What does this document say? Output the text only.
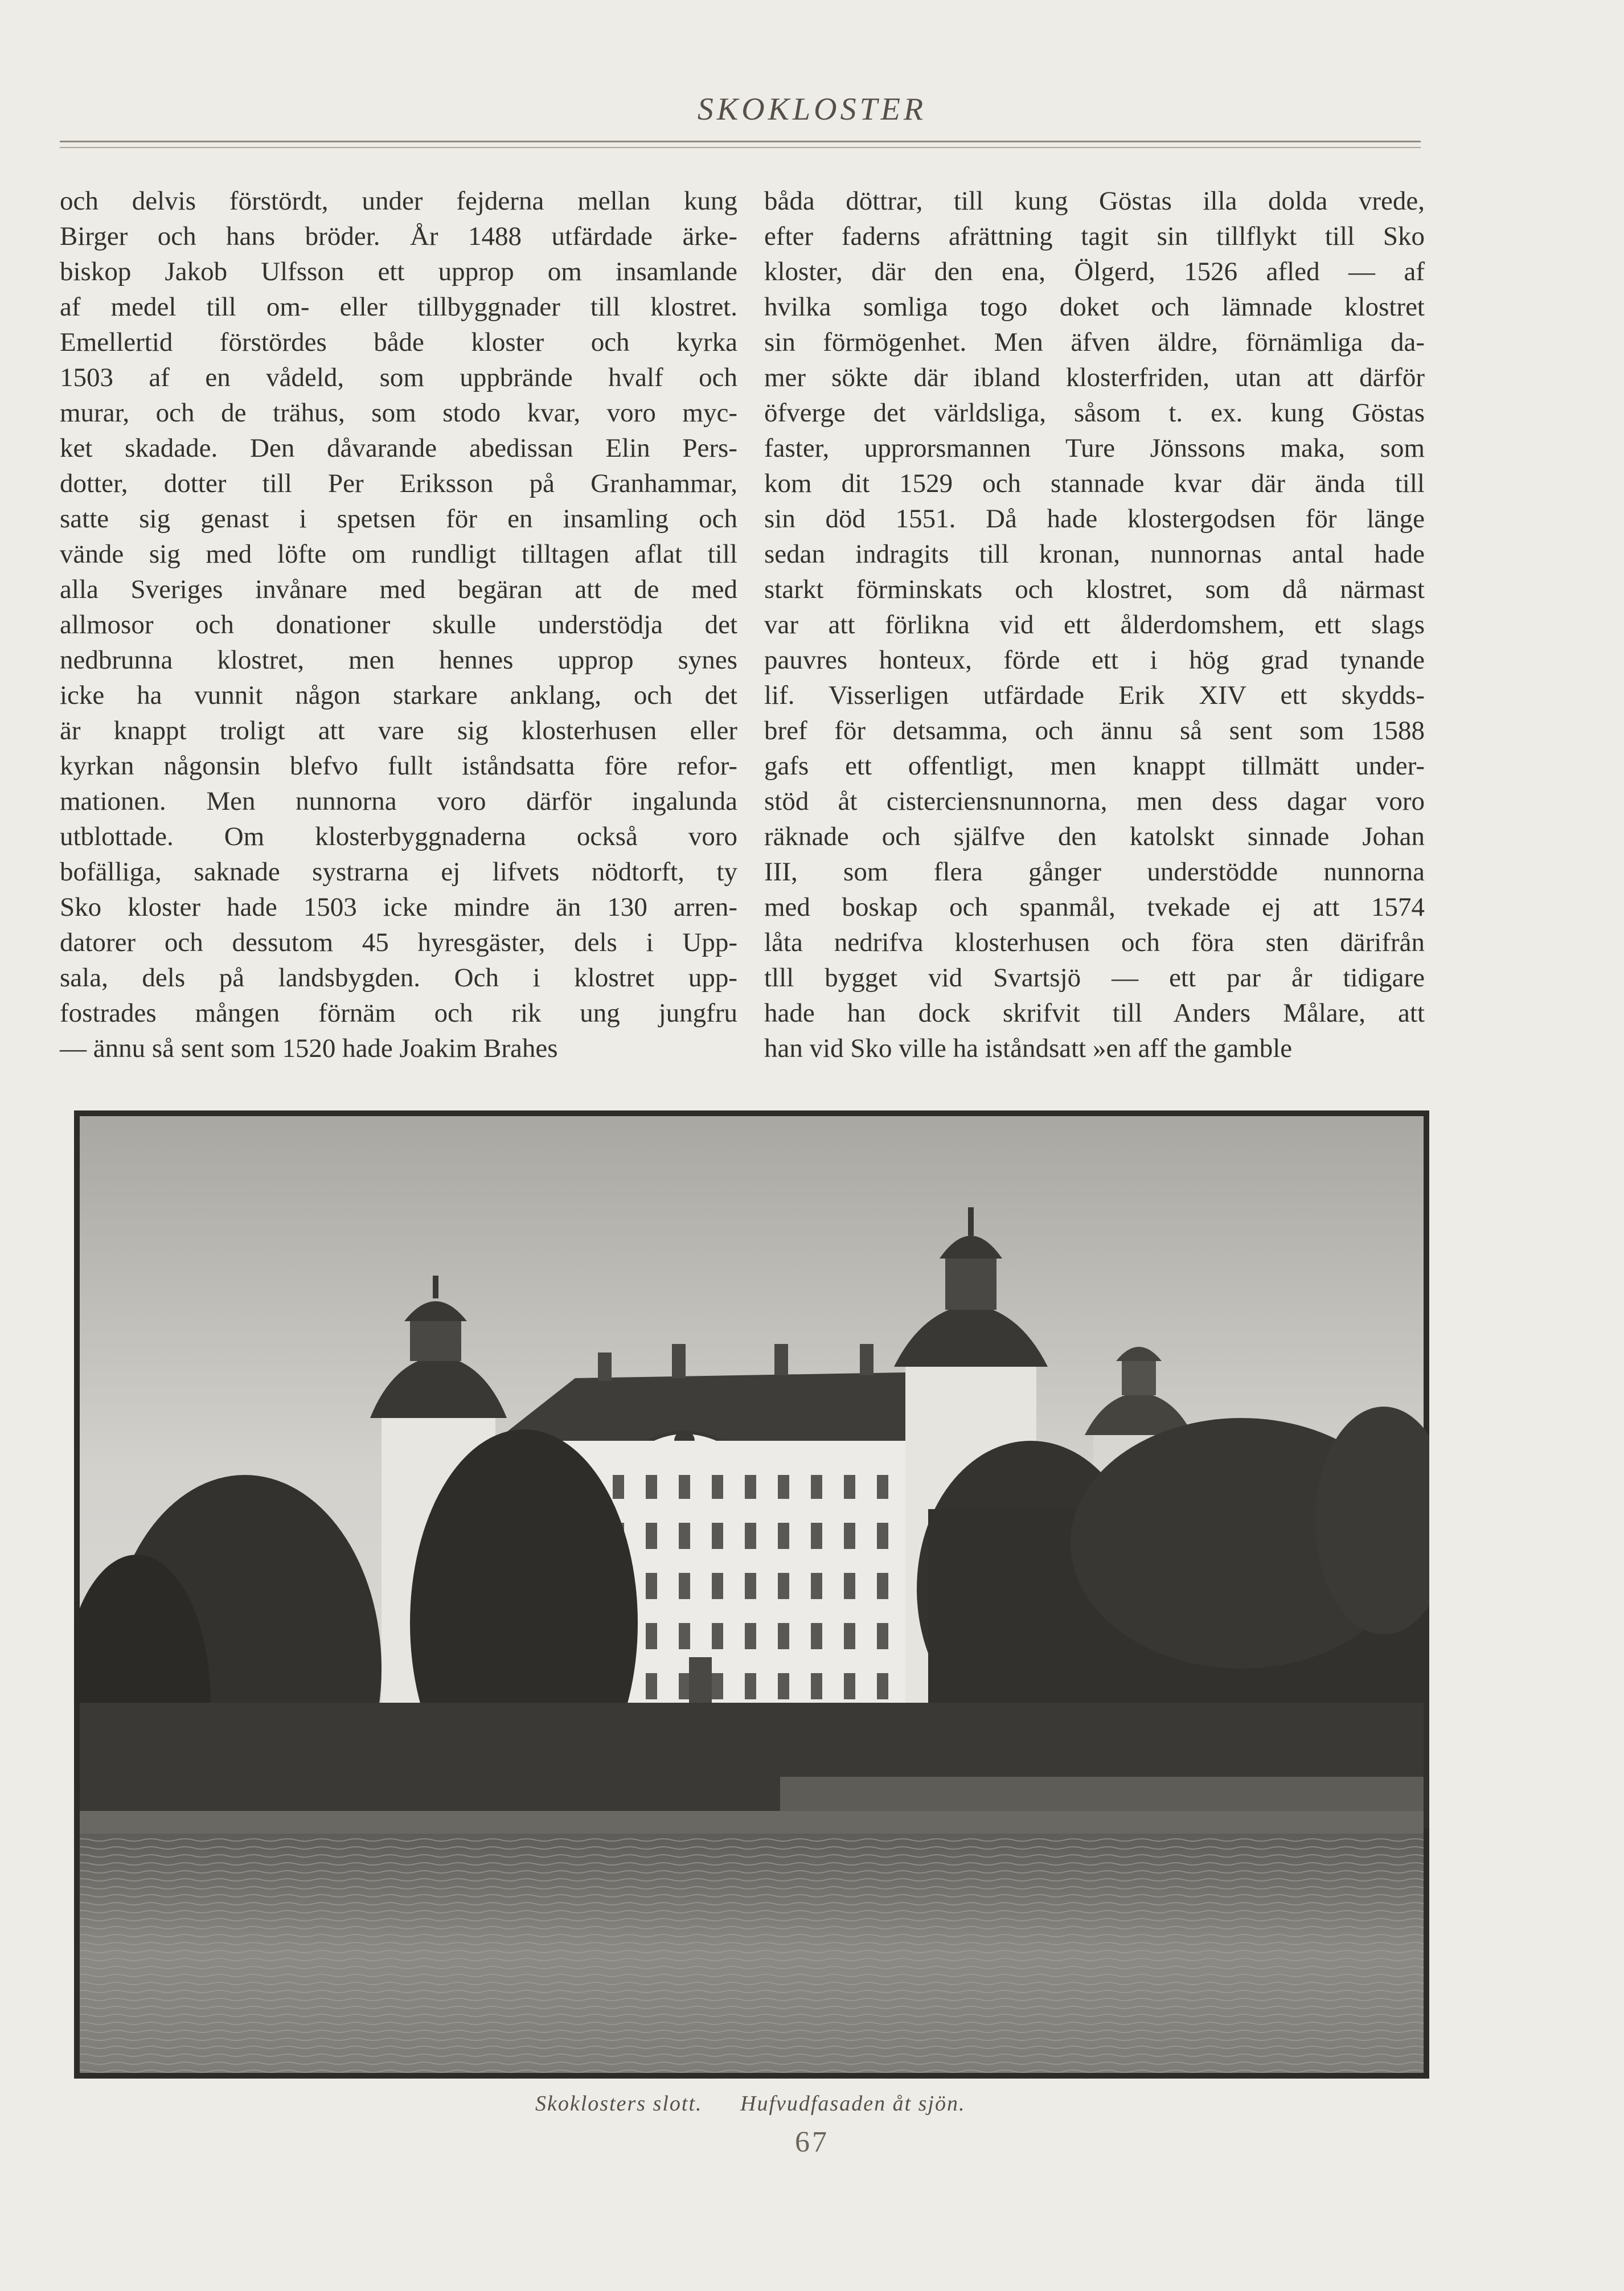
SKOKLOSTER
och delvis förstördt, under fejderna mellan kung
Birger och hans bröder. År 1488 utfärdade ärke-
biskop Jakob Ulfsson ett upprop om insamlande
af medel till om- eller tillbyggnader till klostret.
Emellertid förstördes både kloster och kyrka
1503 af en vådeld, som uppbrände hvalf och
murar, och de trähus, som stodo kvar, voro myc-
ket skadade. Den dåvarande abedissan Elin Pers-
dotter, dotter till Per Eriksson på Granhammar,
satte sig genast i spetsen för en insamling och
vände sig med löfte om rundligt tilltagen aflat till
alla Sveriges invånare med begäran att de med
allmosor och donationer skulle understödja det
nedbrunna klostret, men hennes upprop synes
icke ha vunnit någon starkare anklang, och det
är knappt troligt att vare sig klosterhusen eller
kyrkan någonsin blefvo fullt iståndsatta före refor-
mationen. Men nunnorna voro därför ingalunda
utblottade. Om klosterbyggnaderna också voro
bofälliga, saknade systrarna ej lifvets nödtorft, ty
Sko kloster hade 1503 icke mindre än 130 arren-
datorer och dessutom 45 hyresgäster, dels i Upp-
sala, dels på landsbygden. Och i klostret upp-
fostrades mången förnäm och rik ung jungfru
— ännu så sent som 1520 hade Joakim Brahes
båda döttrar, till kung Göstas illa dolda vrede,
efter faderns afrättning tagit sin tillflykt till Sko
kloster, där den ena, Ölgerd, 1526 afled — af
hvilka somliga togo doket och lämnade klostret
sin förmögenhet. Men äfven äldre, förnämliga da-
mer sökte där ibland klosterfriden, utan att därför
öfverge det världsliga, såsom t. ex. kung Göstas
faster, upprorsmannen Ture Jönssons maka, som
kom dit 1529 och stannade kvar där ända till
sin död 1551. Då hade klostergodsen för länge
sedan indragits till kronan, nunnornas antal hade
starkt förminskats och klostret, som då närmast
var att förlikna vid ett ålderdomshem, ett slags
pauvres honteux, förde ett i hög grad tynande
lif. Visserligen utfärdade Erik XIV ett skydds-
bref för detsamma, och ännu så sent som 1588
gafs ett offentligt, men knappt tillmätt under-
stöd åt cisterciensnunnorna, men dess dagar voro
räknade och själfve den katolskt sinnade Johan
III, som flera gånger understödde nunnorna
med boskap och spanmål, tvekade ej att 1574
låta nedrifva klosterhusen och föra sten därifrån
tlll bygget vid Svartsjö — ett par år tidigare
hade han dock skrifvit till Anders Målare, att
han vid Sko ville ha iståndsatt »en aff the gamble
Skoklosters slott. Hufvudfasaden åt sjön.
67
